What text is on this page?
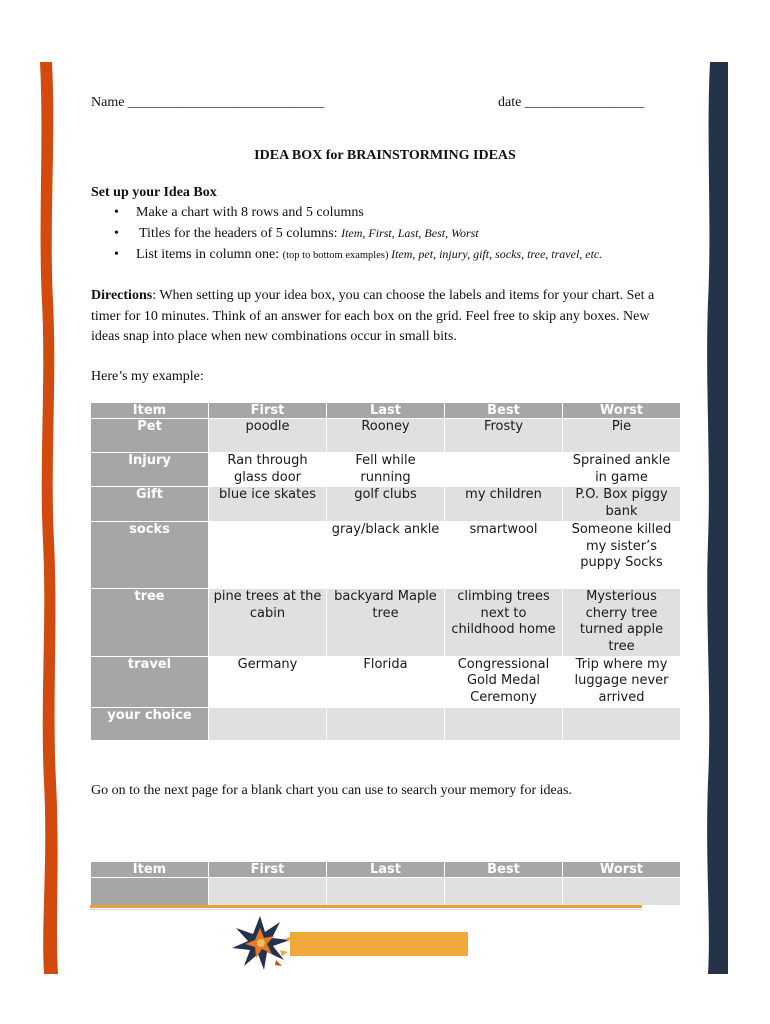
Name ____________________________	date _________________
IDEA BOX for BRAINSTORMING IDEAS
Set up your Idea Box
• Make a chart with 8 rows and 5 columns
• Titles for the headers of 5 columns: Item, First, Last, Best, Worst
• List items in column one: (top to bottom examples) Item, pet, injury, gift, socks, tree, travel, etc.
Directions: When setting up your idea box, you can choose the labels and items for your chart. Set a timer for 10 minutes. Think of an answer for each box on the grid. Feel free to skip any boxes. New ideas snap into place when new combinations occur in small bits.
Here’s my example:
Item	First	Last	Best	Worst
Pet	poodle	Rooney	Frosty	Pie
Injury	Ran through glass door	Fell while running		Sprained ankle in game
Gift	blue ice skates	golf clubs	my children	P.O. Box piggy bank
socks		gray/black ankle	smartwool	Someone killed my sister’s puppy Socks
tree	pine trees at the cabin	backyard Maple tree	climbing trees next to childhood home	Mysterious cherry tree turned apple tree
travel	Germany	Florida	Congressional Gold Medal Ceremony	Trip where my luggage never arrived
your choice				
Go on to the next page for a blank chart you can use to search your memory for ideas.
Item	First	Last	Best	Worst
